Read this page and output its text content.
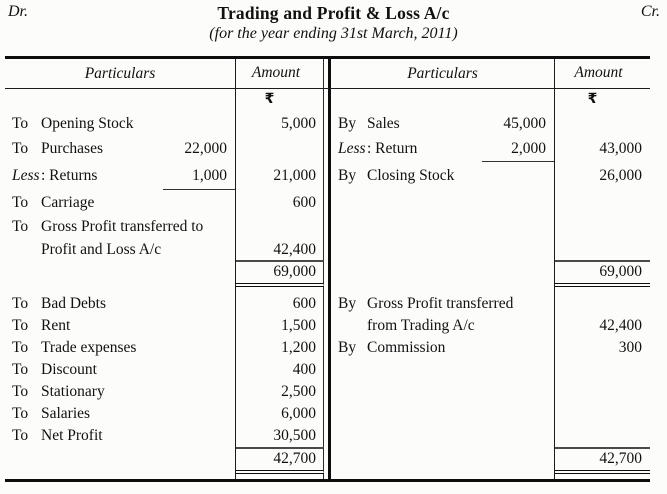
Dr.	Trading and Profit & Loss A/c	Cr.
(for the year ending 31st March, 2011)
Particulars	Amount	Particulars	Amount
₹	₹
To Opening Stock	5,000	By Sales	45,000
To Purchases	22,000	Less : Return	2,000	43,000
Less : Returns	1,000	21,000	By Closing Stock	26,000
To Carriage	600
To Gross Profit transferred to
Profit and Loss A/c	42,400
69,000	69,000
To Bad Debts	600	By Gross Profit transferred
To Rent	1,500	from Trading A/c	42,400
To Trade expenses	1,200	By Commission	300
To Discount	400
To Stationary	2,500
To Salaries	6,000
To Net Profit	30,500
42,700	42,700
